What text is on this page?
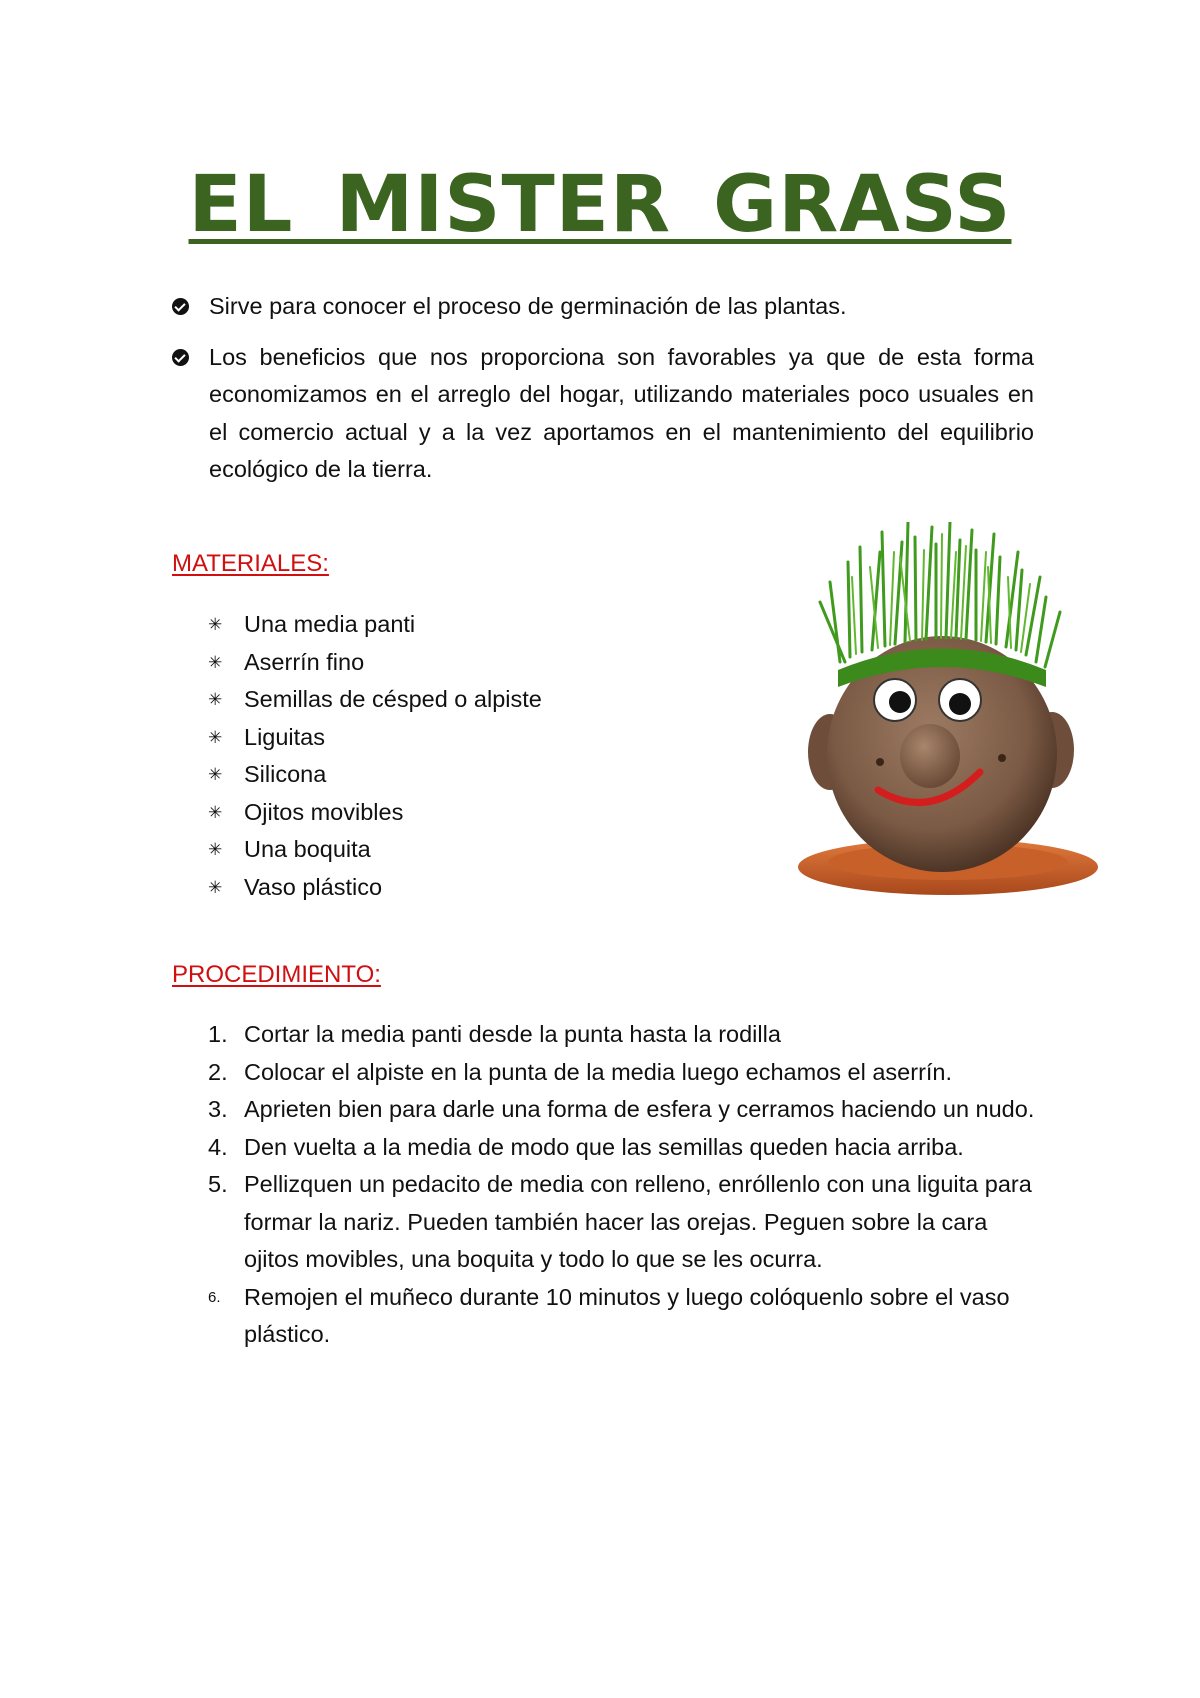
EL MISTER GRASS
Sirve para conocer el proceso de germinación de las plantas.
Los beneficios que nos proporciona son favorables ya que de esta forma economizamos en el arreglo del hogar, utilizando materiales poco usuales en el comercio actual y a la vez aportamos en el mantenimiento del equilibrio ecológico de la tierra.
MATERIALES:
✳ Una media panti
✳ Aserrín fino
✳ Semillas de césped o alpiste
✳ Liguitas
✳ Silicona
✳ Ojitos movibles
✳ Una boquita
✳ Vaso plástico
PROCEDIMIENTO:
1. Cortar la media panti desde la punta hasta la rodilla
2. Colocar el alpiste en la punta de la media luego echamos el aserrín.
3. Aprieten bien para darle una forma de esfera y cerramos haciendo un nudo.
4. Den vuelta a la media de modo que las semillas queden hacia arriba.
5. Pellizquen un pedacito de media con relleno, enróllenlo con una liguita para formar la nariz. Pueden también hacer las orejas. Peguen sobre la cara ojitos movibles, una boquita y todo lo que se les ocurra.
6. Remojen el muñeco durante 10 minutos y luego colóquenlo sobre el vaso plástico.
